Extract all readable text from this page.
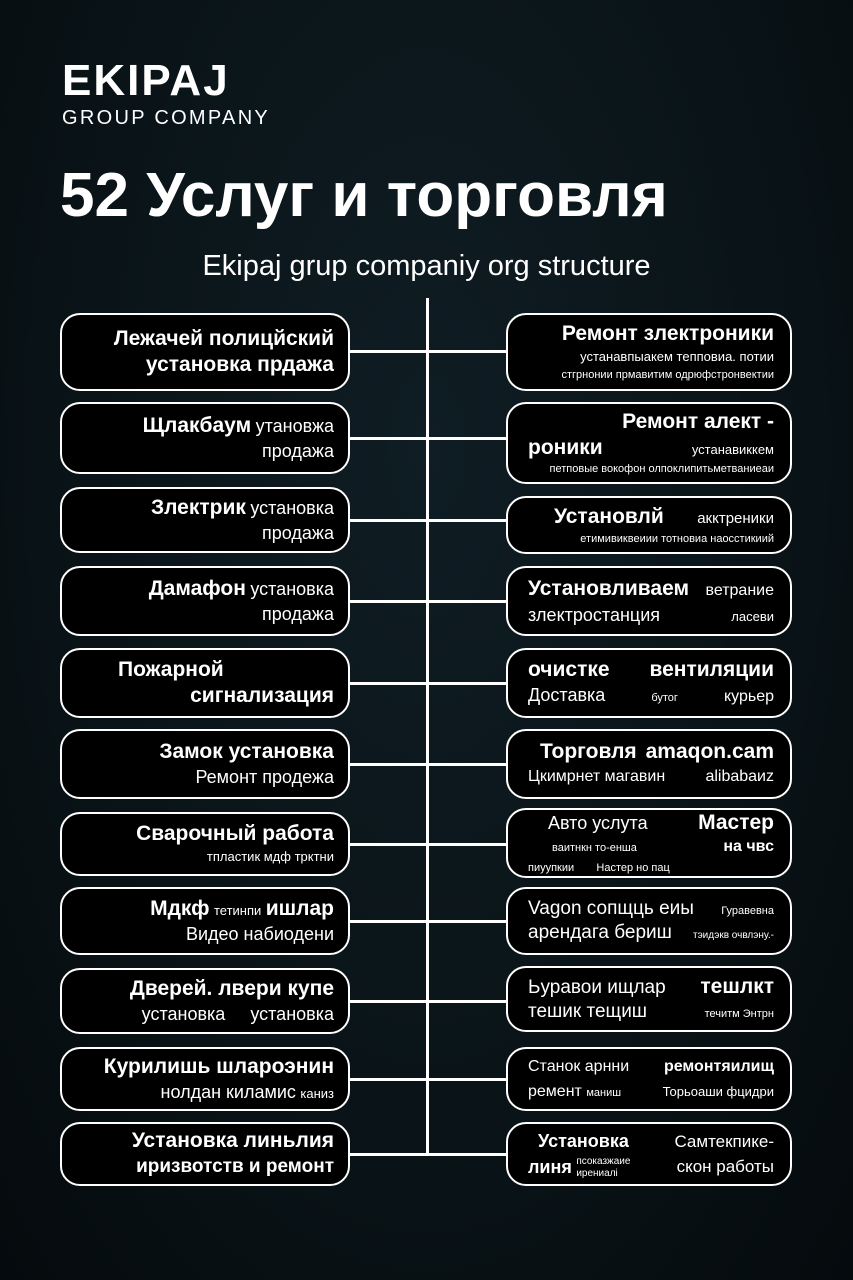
EKIPAJ
GROUP COMPANY
52 Услуг и торговля
Ekipaj grup companiy org structure
Лежачей полицйский
установка прдажа
Щлакбаум утановжа
продажа
Злектрик установка
продажа
Дамафон установка
продажа
Пожарной
сигнализация
Замок установка
Ремонт продежа
Сварочный работа
тпластик мдф трктни
Мдкф тетинпи ишлар
Видео набиодени
Дверей. лвери купе
установка установка
Курилишь шлароэнин
нолдан киламис каниз
Установка линьлия
иризвотств и ремонт
Ремонт злектроники
устанавпыакем тепповиа. потии
стгрнонии прмавитим одрюфстронвектии
Ремонт алект -
роники	устанавиккем
петповые вокофон олпоклипитьметваниеаи
Установлй акктреники
етимивиквеиии тотновиа наосстикиий
Установливаем ветрание
злектростанция	ласеви
очистке вентиляции
Доставка	бутог	курьер
Торговля amaqon.cam
Цкимрнет магавин	alibabaиz
Авто услута Мастер
ваитнкн то-енша	на чвс
пиуупкии Настер но пац
Vagon сопщць еиы Гуравевна
арендага бериш тэидэкв очвлэну.-
Ьуравои ищлар тешлкт
тешик тещиш	течитм Энтрн
Станок арнни ремонтяилищ
ремент маниш	Торьоаши фцидри
Установка	Самтекпике-
линя псоказжаие ирениалі	скон работы
